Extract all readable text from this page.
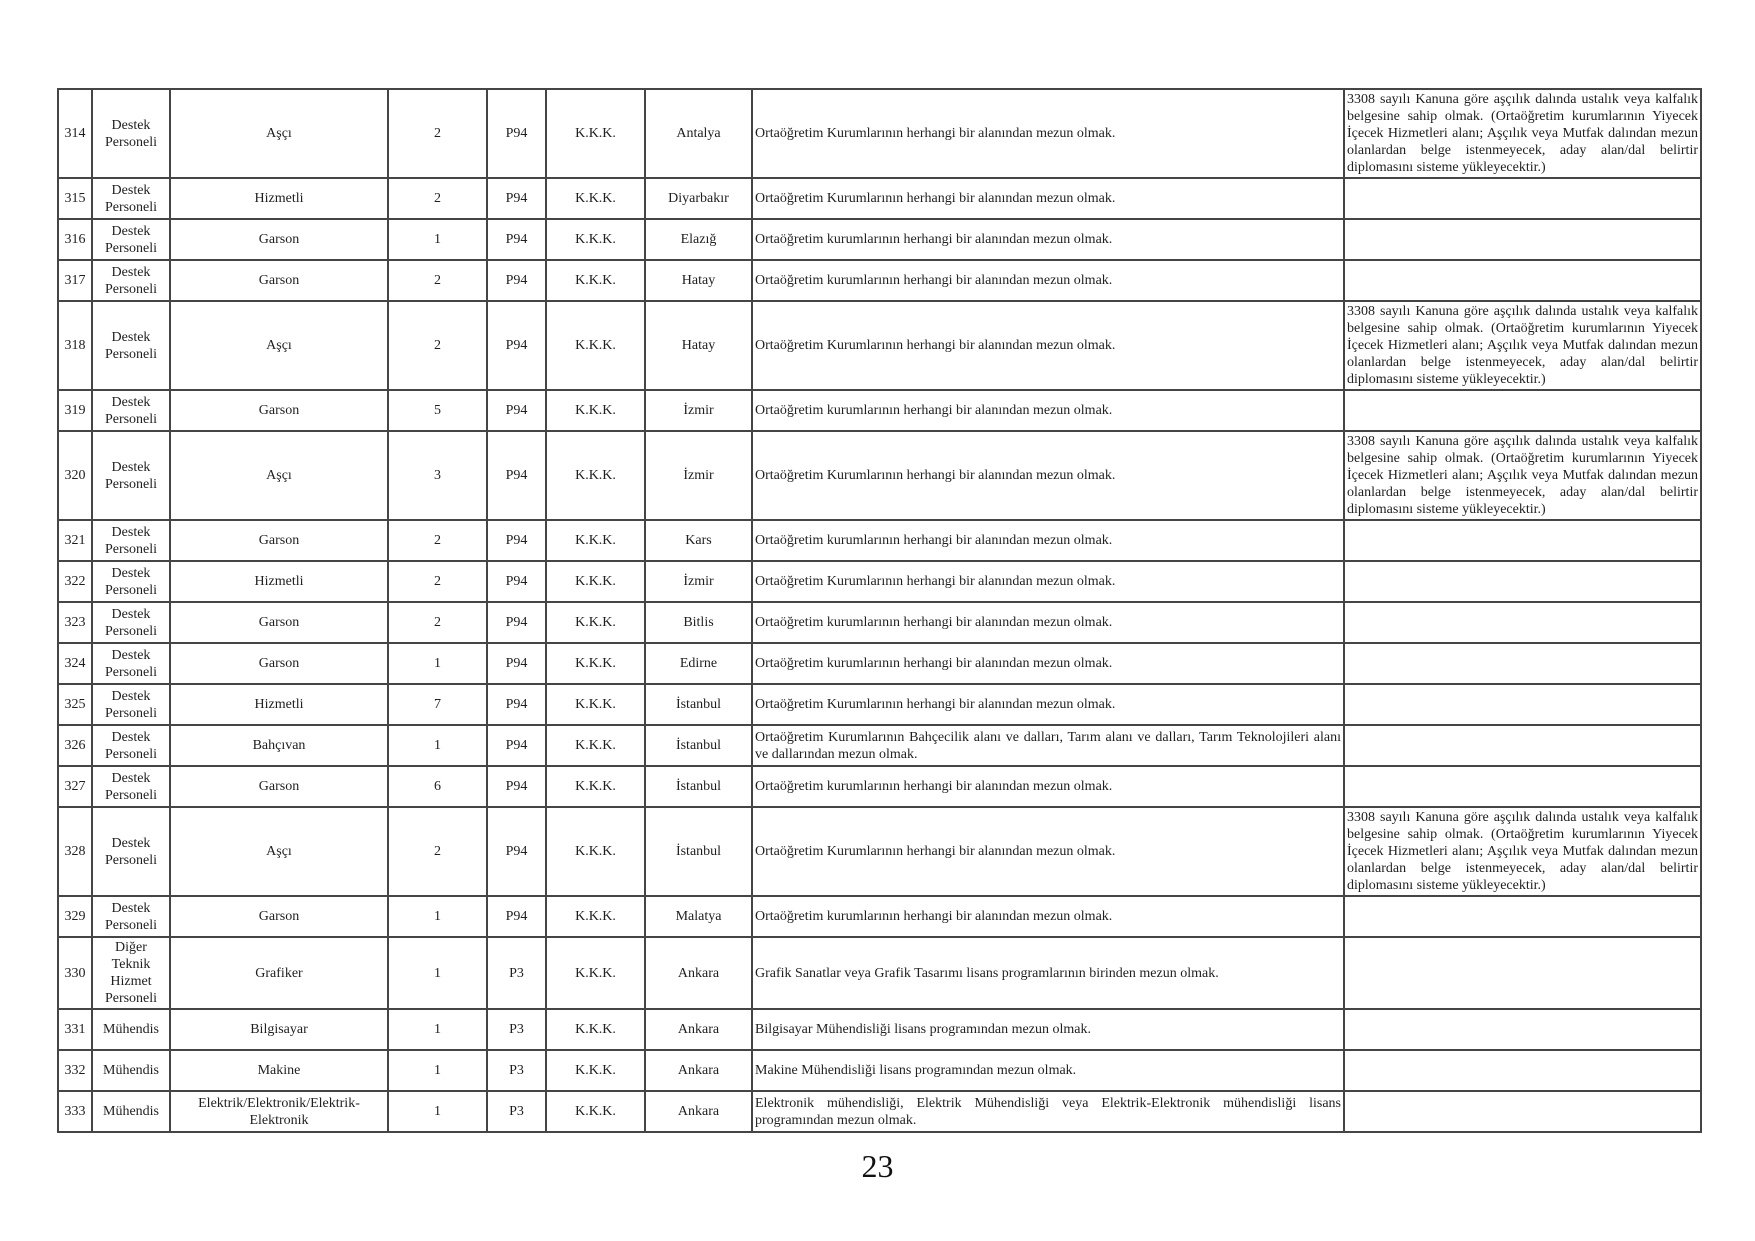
314	Destek Personeli	Aşçı	2	P94	K.K.K.	Antalya	Ortaöğretim Kurumlarının herhangi bir alanından mezun olmak.	3308 sayılı Kanuna göre aşçılık dalında ustalık veya kalfalık belgesine sahip olmak. (Ortaöğretim kurumlarının Yiyecek İçecek Hizmetleri alanı; Aşçılık veya Mutfak dalından mezun olanlardan belge istenmeyecek, aday alan/dal belirtir diplomasını sisteme yükleyecektir.)
315	Destek Personeli	Hizmetli	2	P94	K.K.K.	Diyarbakır	Ortaöğretim Kurumlarının herhangi bir alanından mezun olmak.	
316	Destek Personeli	Garson	1	P94	K.K.K.	Elazığ	Ortaöğretim kurumlarının herhangi bir alanından mezun olmak.	
317	Destek Personeli	Garson	2	P94	K.K.K.	Hatay	Ortaöğretim kurumlarının herhangi bir alanından mezun olmak.	
318	Destek Personeli	Aşçı	2	P94	K.K.K.	Hatay	Ortaöğretim Kurumlarının herhangi bir alanından mezun olmak.	3308 sayılı Kanuna göre aşçılık dalında ustalık veya kalfalık belgesine sahip olmak. (Ortaöğretim kurumlarının Yiyecek İçecek Hizmetleri alanı; Aşçılık veya Mutfak dalından mezun olanlardan belge istenmeyecek, aday alan/dal belirtir diplomasını sisteme yükleyecektir.)
319	Destek Personeli	Garson	5	P94	K.K.K.	İzmir	Ortaöğretim kurumlarının herhangi bir alanından mezun olmak.	
320	Destek Personeli	Aşçı	3	P94	K.K.K.	İzmir	Ortaöğretim Kurumlarının herhangi bir alanından mezun olmak.	3308 sayılı Kanuna göre aşçılık dalında ustalık veya kalfalık belgesine sahip olmak. (Ortaöğretim kurumlarının Yiyecek İçecek Hizmetleri alanı; Aşçılık veya Mutfak dalından mezun olanlardan belge istenmeyecek, aday alan/dal belirtir diplomasını sisteme yükleyecektir.)
321	Destek Personeli	Garson	2	P94	K.K.K.	Kars	Ortaöğretim kurumlarının herhangi bir alanından mezun olmak.	
322	Destek Personeli	Hizmetli	2	P94	K.K.K.	İzmir	Ortaöğretim Kurumlarının herhangi bir alanından mezun olmak.	
323	Destek Personeli	Garson	2	P94	K.K.K.	Bitlis	Ortaöğretim kurumlarının herhangi bir alanından mezun olmak.	
324	Destek Personeli	Garson	1	P94	K.K.K.	Edirne	Ortaöğretim kurumlarının herhangi bir alanından mezun olmak.	
325	Destek Personeli	Hizmetli	7	P94	K.K.K.	İstanbul	Ortaöğretim Kurumlarının herhangi bir alanından mezun olmak.	
326	Destek Personeli	Bahçıvan	1	P94	K.K.K.	İstanbul	Ortaöğretim Kurumlarının Bahçecilik alanı ve dalları, Tarım alanı ve dalları, Tarım Teknolojileri alanı ve dallarından mezun olmak.	
327	Destek Personeli	Garson	6	P94	K.K.K.	İstanbul	Ortaöğretim kurumlarının herhangi bir alanından mezun olmak.	
328	Destek Personeli	Aşçı	2	P94	K.K.K.	İstanbul	Ortaöğretim Kurumlarının herhangi bir alanından mezun olmak.	3308 sayılı Kanuna göre aşçılık dalında ustalık veya kalfalık belgesine sahip olmak. (Ortaöğretim kurumlarının Yiyecek İçecek Hizmetleri alanı; Aşçılık veya Mutfak dalından mezun olanlardan belge istenmeyecek, aday alan/dal belirtir diplomasını sisteme yükleyecektir.)
329	Destek Personeli	Garson	1	P94	K.K.K.	Malatya	Ortaöğretim kurumlarının herhangi bir alanından mezun olmak.	
330	Diğer Teknik Hizmet Personeli	Grafiker	1	P3	K.K.K.	Ankara	Grafik Sanatlar veya Grafik Tasarımı lisans programlarının birinden mezun olmak.	
331	Mühendis	Bilgisayar	1	P3	K.K.K.	Ankara	Bilgisayar Mühendisliği lisans programından mezun olmak.	
332	Mühendis	Makine	1	P3	K.K.K.	Ankara	Makine Mühendisliği lisans programından mezun olmak.	
333	Mühendis	Elektrik/Elektronik/Elektrik-Elektronik	1	P3	K.K.K.	Ankara	Elektronik mühendisliği, Elektrik Mühendisliği veya Elektrik-Elektronik mühendisliği lisans programından mezun olmak.	
23
